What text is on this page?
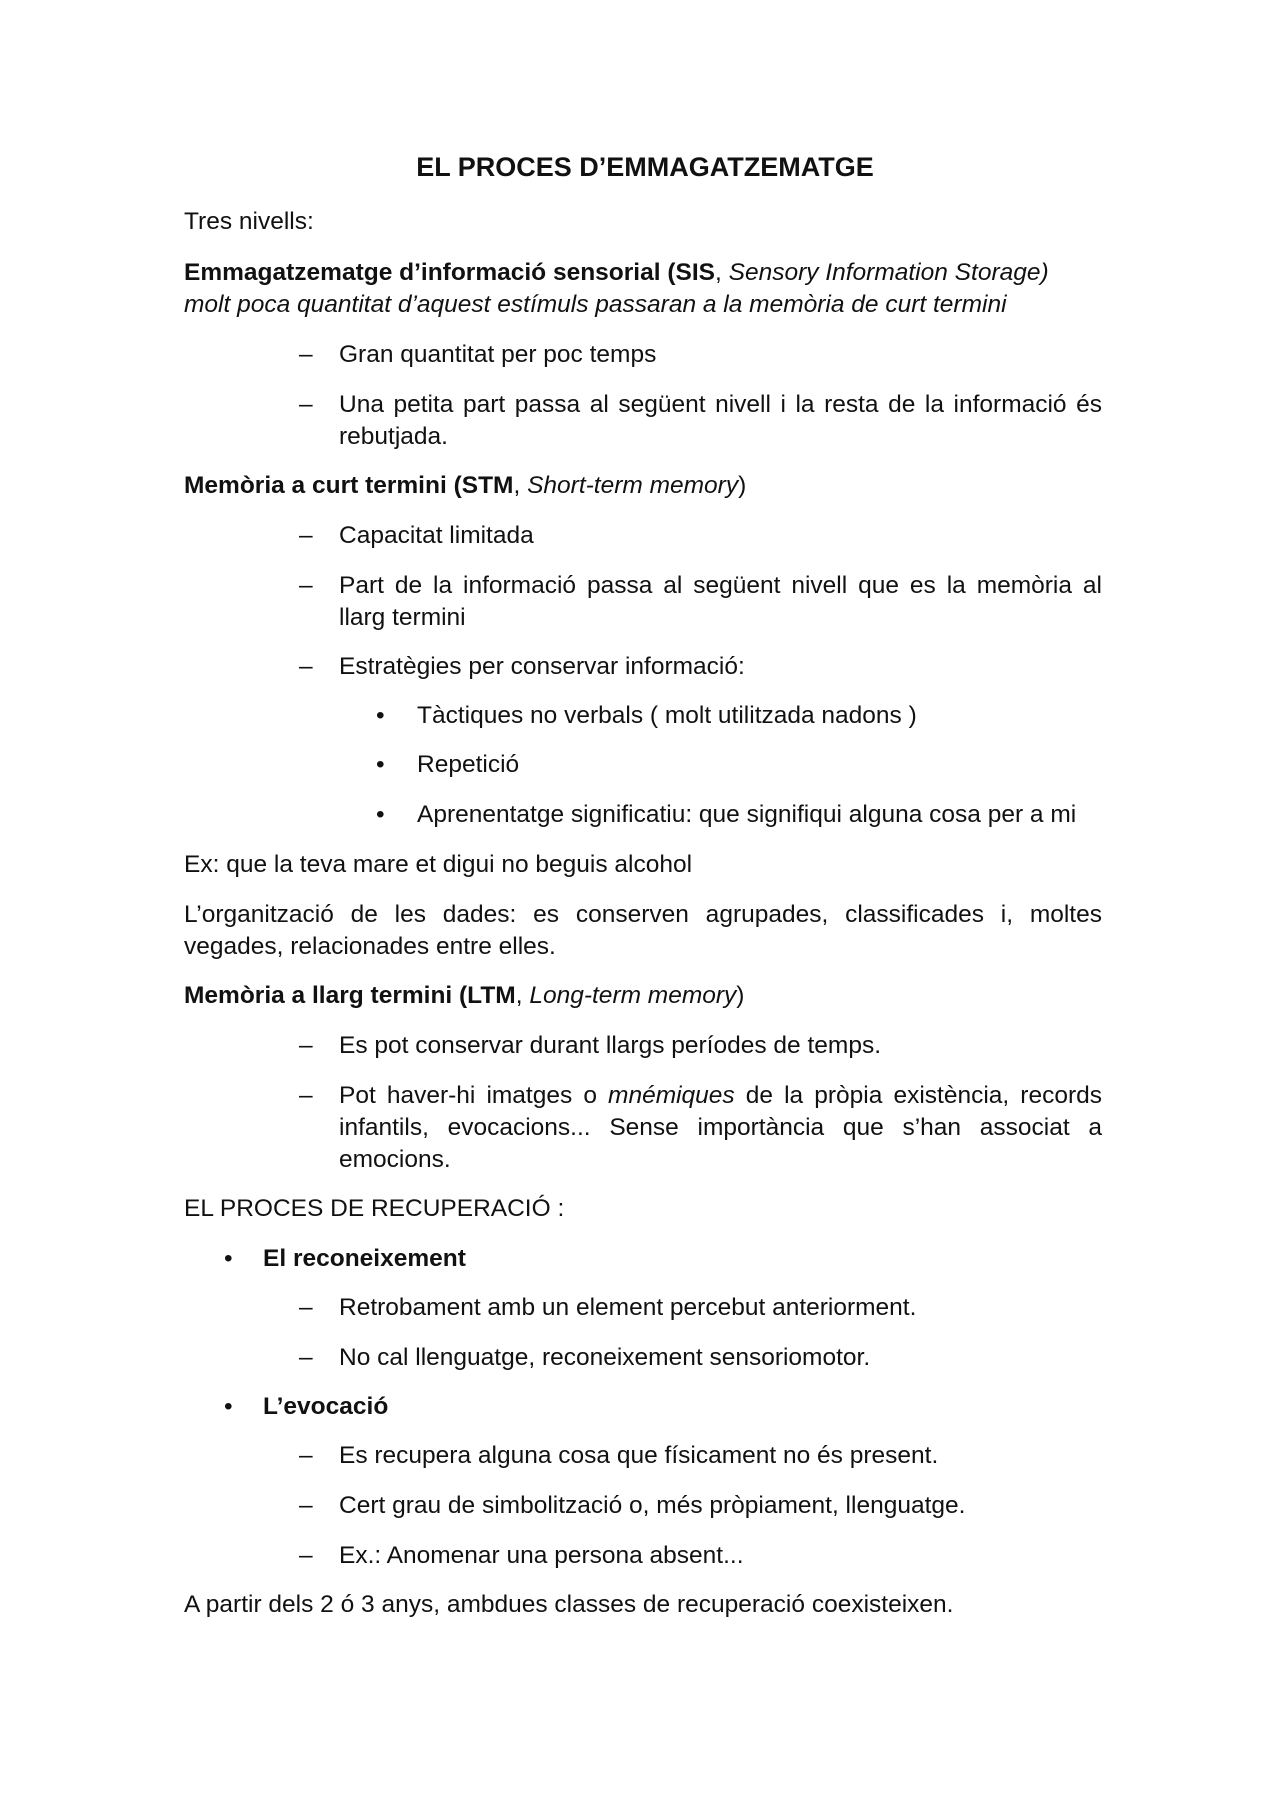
EL PROCES D’EMMAGATZEMATGE
Tres nivells:
Emmagatzematge d’informació sensorial (SIS, Sensory Information Storage)
molt poca quantitat d’aquest estímuls passaran a la memòria de curt termini
– Gran quantitat per poc temps
– Una petita part passa al següent nivell i la resta de la informació és
rebutjada.
Memòria a curt termini (STM, Short-term memory)
– Capacitat limitada
– Part de la informació passa al següent nivell que es la memòria al
llarg termini
– Estratègies per conservar informació:
• Tàctiques no verbals ( molt utilitzada nadons )
• Repetició
• Aprenentatge significatiu: que signifiqui alguna cosa per a mi
Ex: que la teva mare et digui no beguis alcohol
L’organització de les dades: es conserven agrupades, classificades i, moltes
vegades, relacionades entre elles.
Memòria a llarg termini (LTM, Long-term memory)
– Es pot conservar durant llargs períodes de temps.
– Pot haver-hi imatges o mnémiques de la pròpia existència, records
infantils, evocacions... Sense importància que s’han associat a
emocions.
EL PROCES DE RECUPERACIÓ :
• El reconeixement
– Retrobament amb un element percebut anteriorment.
– No cal llenguatge, reconeixement sensoriomotor.
• L’evocació
– Es recupera alguna cosa que físicament no és present.
– Cert grau de simbolització o, més pròpiament, llenguatge.
– Ex.: Anomenar una persona absent...
A partir dels 2 ó 3 anys, ambdues classes de recuperació coexisteixen.
